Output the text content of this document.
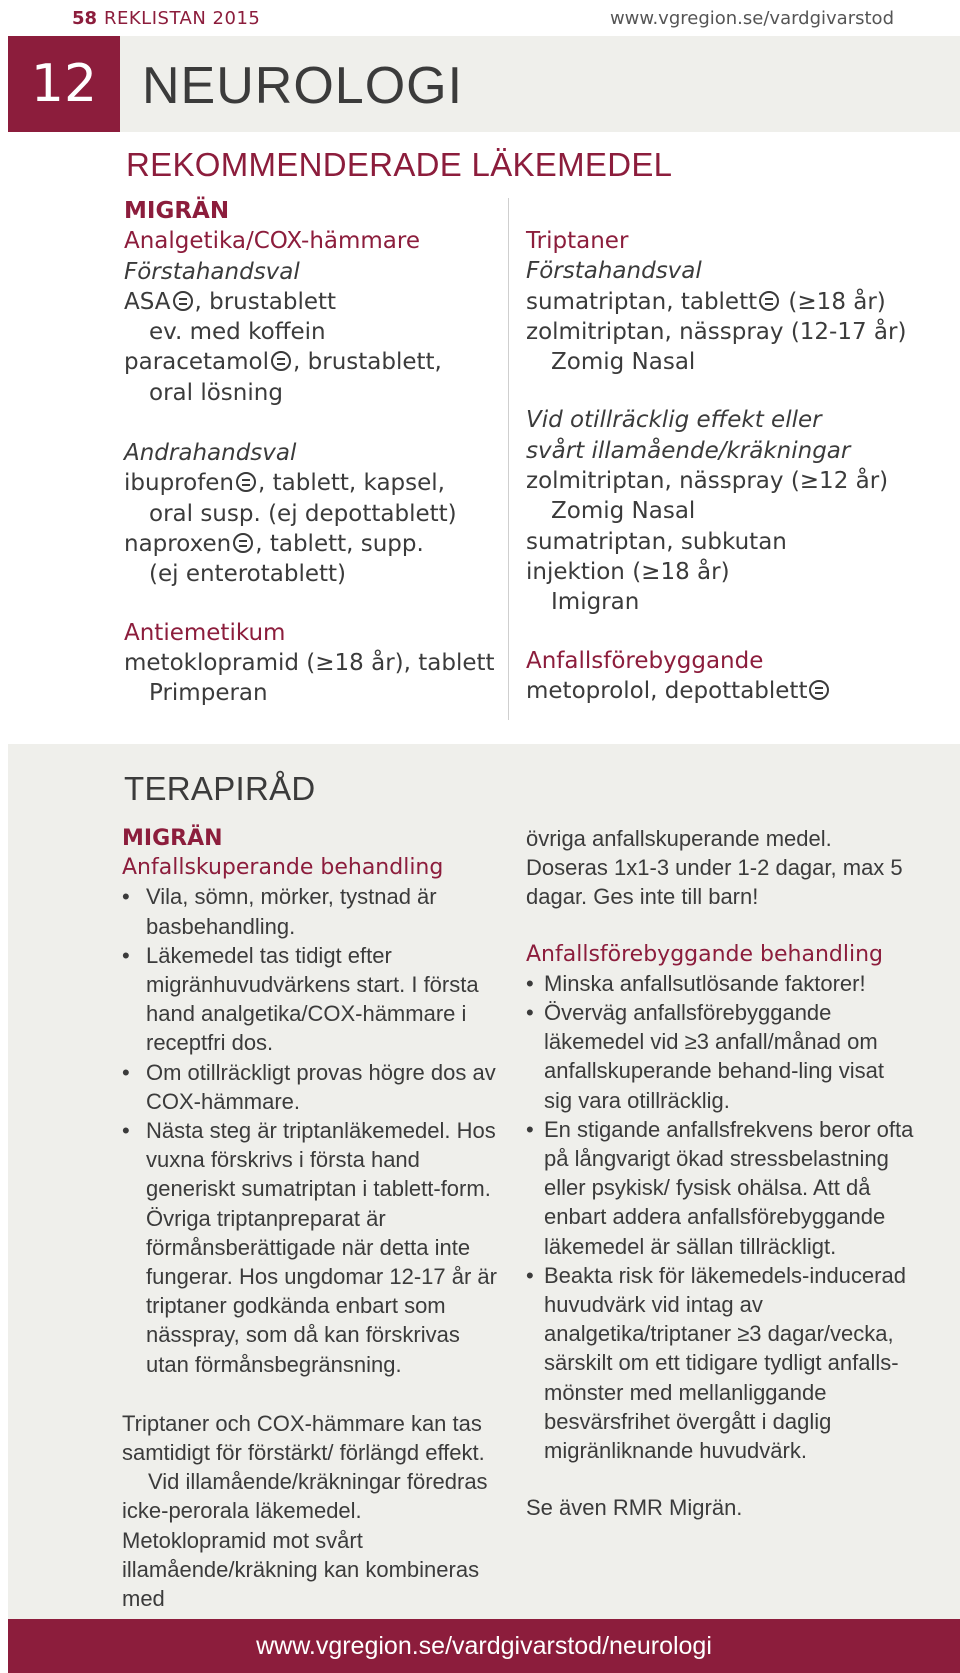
58 REKLISTAN 2015	www.vgregion.se/vardgivarstod
12 NEUROLOGI
REKOMMENDERADE LÄKEMEDEL
MIGRÄN
Analgetika/COX-hämmare
Förstahandsval
ASA , brustablett
ev. med koffein
paracetamol , brustablett,
oral lösning
Andrahandsval
ibuprofen , tablett, kapsel,
oral susp. (ej depottablett)
naproxen , tablett, supp.
(ej enterotablett)
Antiemetikum
metoklopramid (≥18 år), tablett
Primperan
Triptaner
Förstahandsval
sumatriptan, tablett (≥18 år)
zolmitriptan, nässpray (12-17 år)
Zomig Nasal
Vid otillräcklig effekt eller
svårt illamående/kräkningar
zolmitriptan, nässpray (≥12 år)
Zomig Nasal
sumatriptan, subkutan
injektion (≥18 år)
Imigran
Anfallsförebyggande
metoprolol, depottablett
TERAPIRÅD
MIGRÄN
Anfallskuperande behandling
• Vila, sömn, mörker, tystnad är basbehandling.
• Läkemedel tas tidigt efter migränhuvudvärkens start. I första hand analgetika/COX-hämmare i receptfri dos.
• Om otillräckligt provas högre dos av COX-hämmare.
• Nästa steg är triptanläkemedel. Hos vuxna förskrivs i första hand generiskt sumatriptan i tablett-form. Övriga triptanpreparat är förmånsberättigade när detta inte fungerar. Hos ungdomar 12-17 år är triptaner godkända enbart som nässpray, som då kan förskrivas utan förmånsbegränsning.
Triptaner och COX-hämmare kan tas samtidigt för förstärkt/ förlängd effekt.
Vid illamående/kräkningar föredras icke-perorala läkemedel. Metoklopramid mot svårt illamående/kräkning kan kombineras med
övriga anfallskuperande medel. Doseras 1x1-3 under 1-2 dagar, max 5 dagar. Ges inte till barn!
Anfallsförebyggande behandling
• Minska anfallsutlösande faktorer!
• Överväg anfallsförebyggande läkemedel vid ≥3 anfall/månad om anfallskuperande behand-ling visat sig vara otillräcklig.
• En stigande anfallsfrekvens beror ofta på långvarigt ökad stressbelastning eller psykisk/ fysisk ohälsa. Att då enbart addera anfallsförebyggande läkemedel är sällan tillräckligt.
• Beakta risk för läkemedels-inducerad huvudvärk vid intag av analgetika/triptaner ≥3 dagar/vecka, särskilt om ett tidigare tydligt anfalls-mönster med mellanliggande besvärsfrihet övergått i daglig migränliknande huvudvärk.
Se även RMR Migrän.
www.vgregion.se/vardgivarstod/neurologi
